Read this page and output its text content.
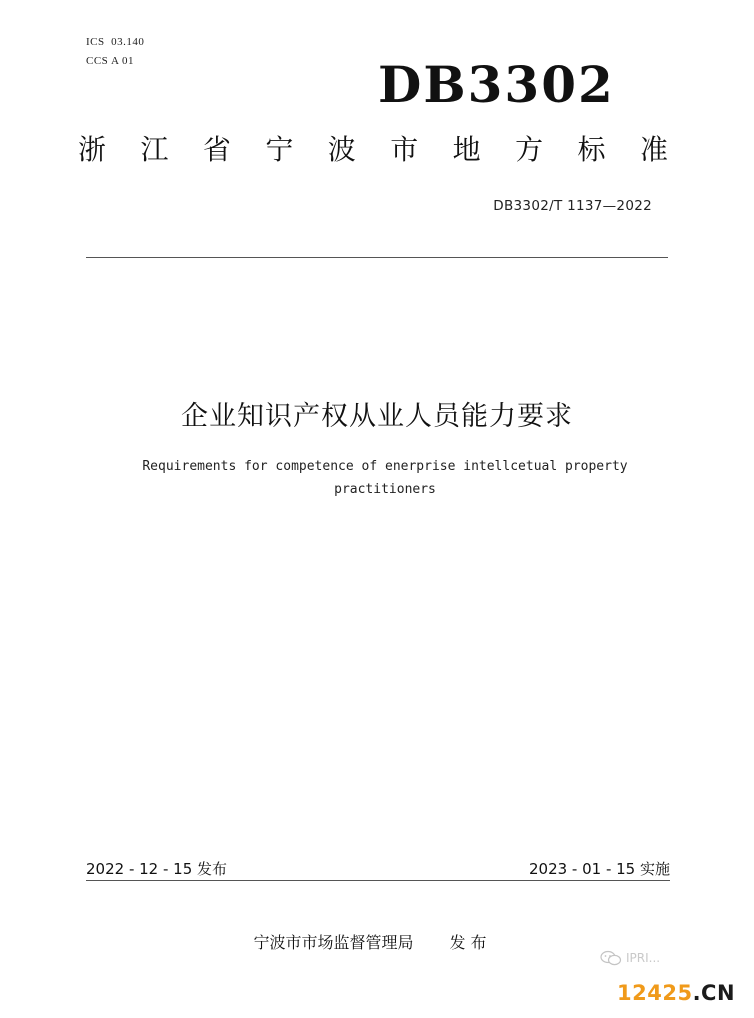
ICS 03.140
CCS A 01	DB3302
浙 江 省 宁 波 市 地 方 标 准
DB3302/T 1137—2022
企业知识产权从业人员能力要求
Requirements for competence of enerprise intellcetual property
practitioners
2022 - 12 - 15 发布	2023 - 01 - 15 实施
宁波市市场监督管理局 发 布
IPRI...
12425.CN
